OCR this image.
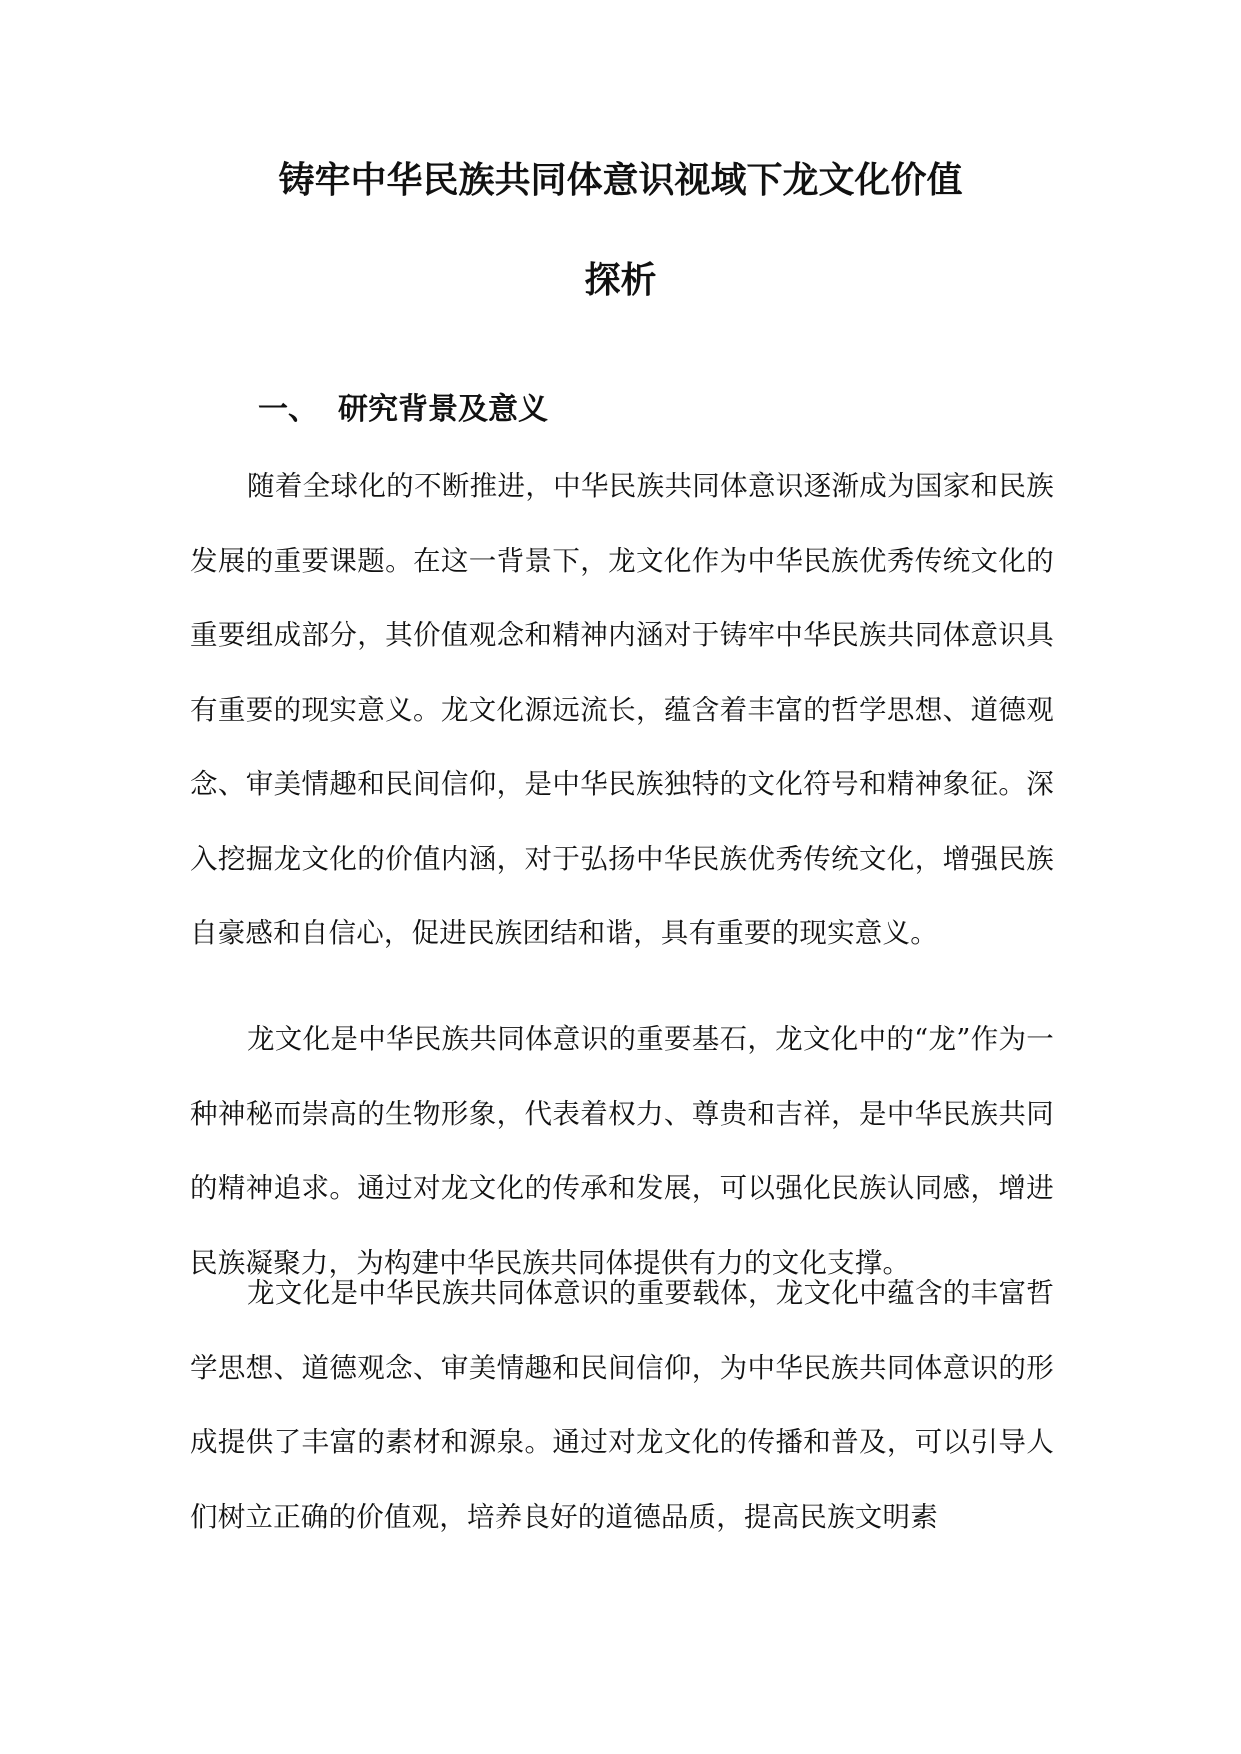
铸牢中华民族共同体意识视域下龙文化价值
探析
一、 研究背景及意义

随着全球化的不断推进，中华民族共同体意识逐渐成为国家和民族发展的重要课题。在这一背景下，龙文化作为中华民族优秀传统文化的重要组成部分，其价值观念和精神内涵对于铸牢中华民族共同体意识具有重要的现实意义。龙文化源远流长，蕴含着丰富的哲学思想、道德观念、审美情趣和民间信仰，是中华民族独特的文化符号和精神象征。深入挖掘龙文化的价值内涵，对于弘扬中华民族优秀传统文化，增强民族自豪感和自信心，促进民族团结和谐，具有重要的现实意义。

龙文化是中华民族共同体意识的重要基石，龙文化中的“龙”作为一种神秘而崇高的生物形象，代表着权力、尊贵和吉祥，是中华民族共同的精神追求。通过对龙文化的传承和发展，可以强化民族认同感，增进民族凝聚力，为构建中华民族共同体提供有力的文化支撑。

龙文化是中华民族共同体意识的重要载体，龙文化中蕴含的丰富哲学思想、道德观念、审美情趣和民间信仰，为中华民族共同体意识的形成提供了丰富的素材和源泉。通过对龙文化的传播和普及，可以引导人们树立正确的价值观，培养良好的道德品质，提高民族文明素
